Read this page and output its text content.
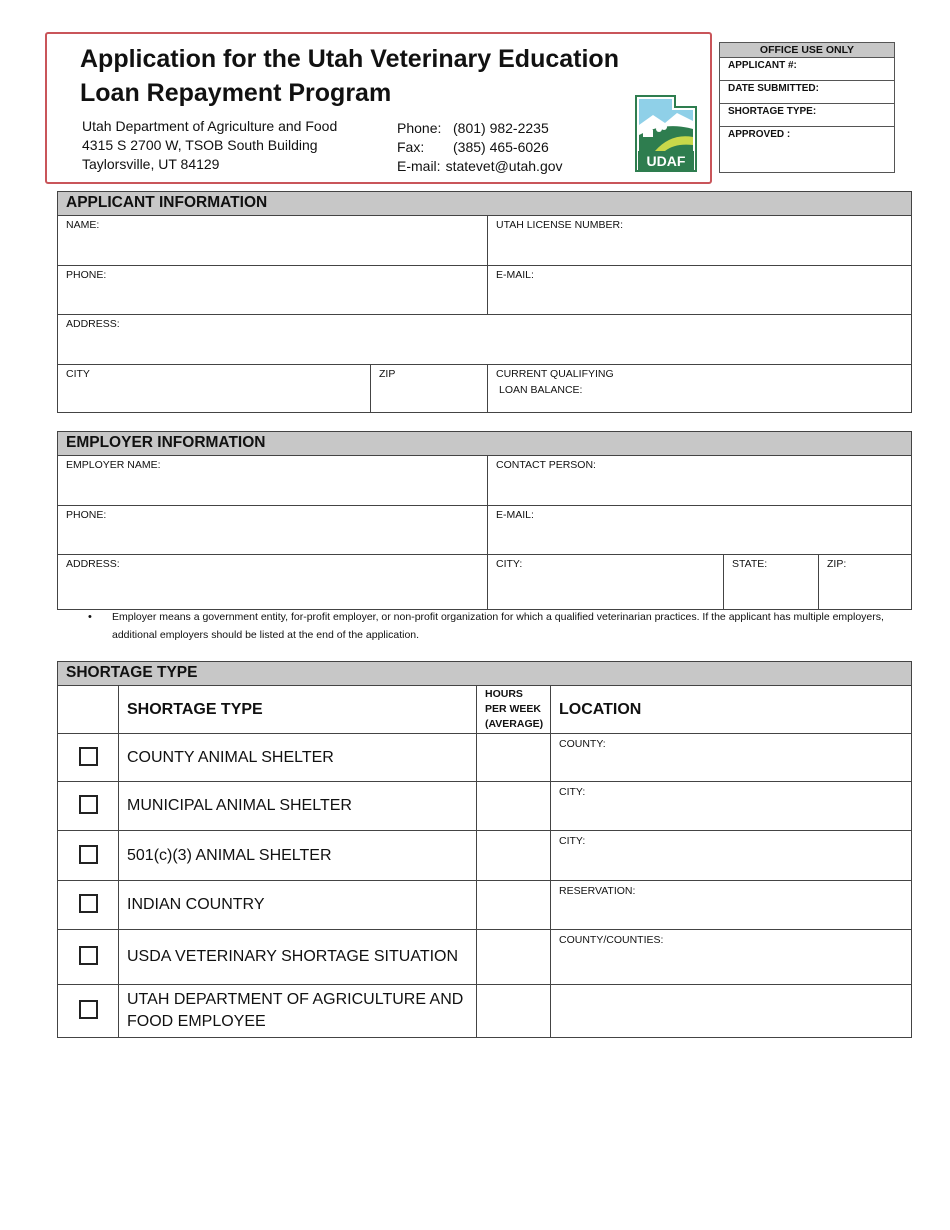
Application for the Utah Veterinary Education
Loan Repayment Program
Utah Department of Agriculture and Food
4315 S 2700 W, TSOB South Building
Taylorsville, UT 84129
Phone: (801) 982-2235
Fax:	(385) 465-6026
E-mail: statevet@utah.gov	UDAF
OFFICE USE ONLY
APPLICANT #:
DATE SUBMITTED:
SHORTAGE TYPE:
APPROVED :
APPLICANT INFORMATION		
NAME:		UTAH LICENSE NUMBER:
PHONE:		E-MAIL:
ADDRESS:		
CITY	ZIP	CURRENT QUALIFYING
LOAN BALANCE:
EMPLOYER INFORMATION			
EMPLOYER NAME:	CONTACT PERSON:		
PHONE:	E-MAIL:		
ADDRESS:	CITY:	STATE:	ZIP:
•	Employer means a government entity, for-profit employer, or non-profit organization for which a qualified veterinarian practices. If the applicant has multiple employers, additional employers should be listed at the end of the application.
SHORTAGE TYPE			
	SHORTAGE TYPE	HOURS
PER WEEK
(AVERAGE)	LOCATION
	COUNTY ANIMAL SHELTER		COUNTY:
	MUNICIPAL ANIMAL SHELTER		CITY:
	501(c)(3) ANIMAL SHELTER		CITY:
	INDIAN COUNTRY		RESERVATION:
	USDA VETERINARY SHORTAGE SITUATION		COUNTY/COUNTIES:
	UTAH DEPARTMENT OF AGRICULTURE AND FOOD EMPLOYEE		
